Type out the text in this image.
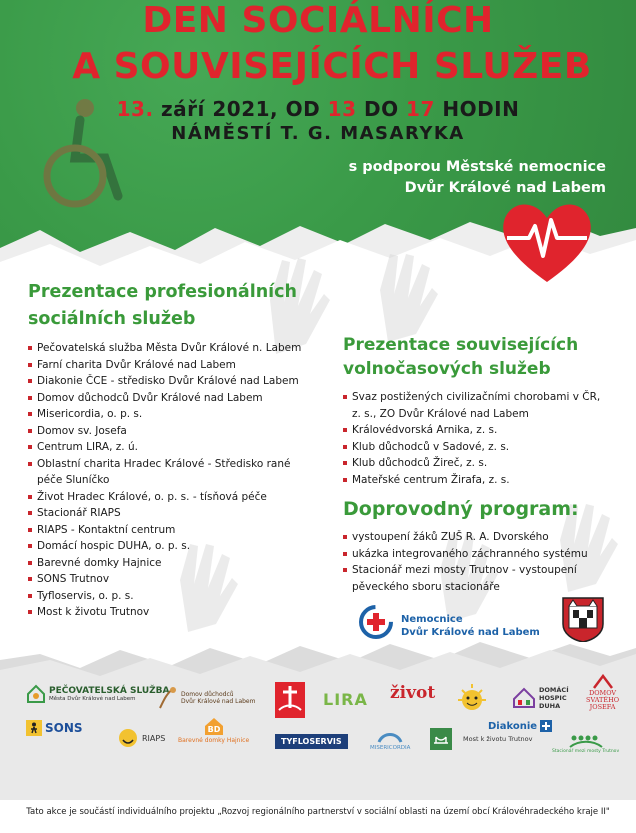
DEN SOCIÁLNÍCH
A SOUVISEJÍCÍCH SLUŽEB
13. září 2021, OD 13 DO 17 HODIN
NÁMĚSTÍ T. G. MASARYKA
s podporou Městské nemocnice
Dvůr Králové nad Labem
Prezentace profesionálních
sociálních služeb
Pečovatelská služba Města Dvůr Králové n. Labem
Farní charita Dvůr Králové nad Labem
Diakonie ČCE - středisko Dvůr Králové nad Labem
Domov důchodců Dvůr Králové nad Labem
Misericordia, o. p. s.
Domov sv. Josefa
Centrum LIRA, z. ú.
Oblastní charita Hradec Králové - Středisko rané
péče Sluníčko
Život Hradec Králové, o. p. s. - tísňová péče
Stacionář RIAPS
RIAPS - Kontaktní centrum
Domácí hospic DUHA, o. p. s.
Barevné domky Hajnice
SONS Trutnov
Tyfloservis, o. p. s.
Most k životu Trutnov
Prezentace souvisejících
volnočasových služeb
Svaz postižených civilizačními chorobami v ČR,
z. s., ZO Dvůr Králové nad Labem
Královédvorská Arnika, z. s.
Klub důchodců v Sadové, z. s.
Klub důchodců Žireč, z. s.
Mateřské centrum Žirafa, z. s.
Doprovodný program:
vystoupení žáků ZUŠ R. A. Dvorského
ukázka integrovaného záchranného systému
Stacionář mezi mosty Trutnov - vystoupení
pěveckého sboru stacionáře
Nemocnice
Dvůr Králové nad Labem
PEČOVATELSKÁ SLUŽBA
Města Dvůr Králové nad Labem
Domov důchodců
Dvůr Králové nad Labem	LIRA život	DOMÁCÍ
HOSPIC
DUHA
DOMOV
SVATÉHO
JOSEFA
SONS
RIAPS
BD
Barevné domky Hajnice	TYFLOSERVIS
MISERICORDIA
Most k životu Trutnov
Diakonie
Stacionář mezi mosty Trutnov
Tato akce je součástí individuálního projektu „Rozvoj regionálního partnerství v sociální oblasti na území obcí Královéhradeckého kraje II"
